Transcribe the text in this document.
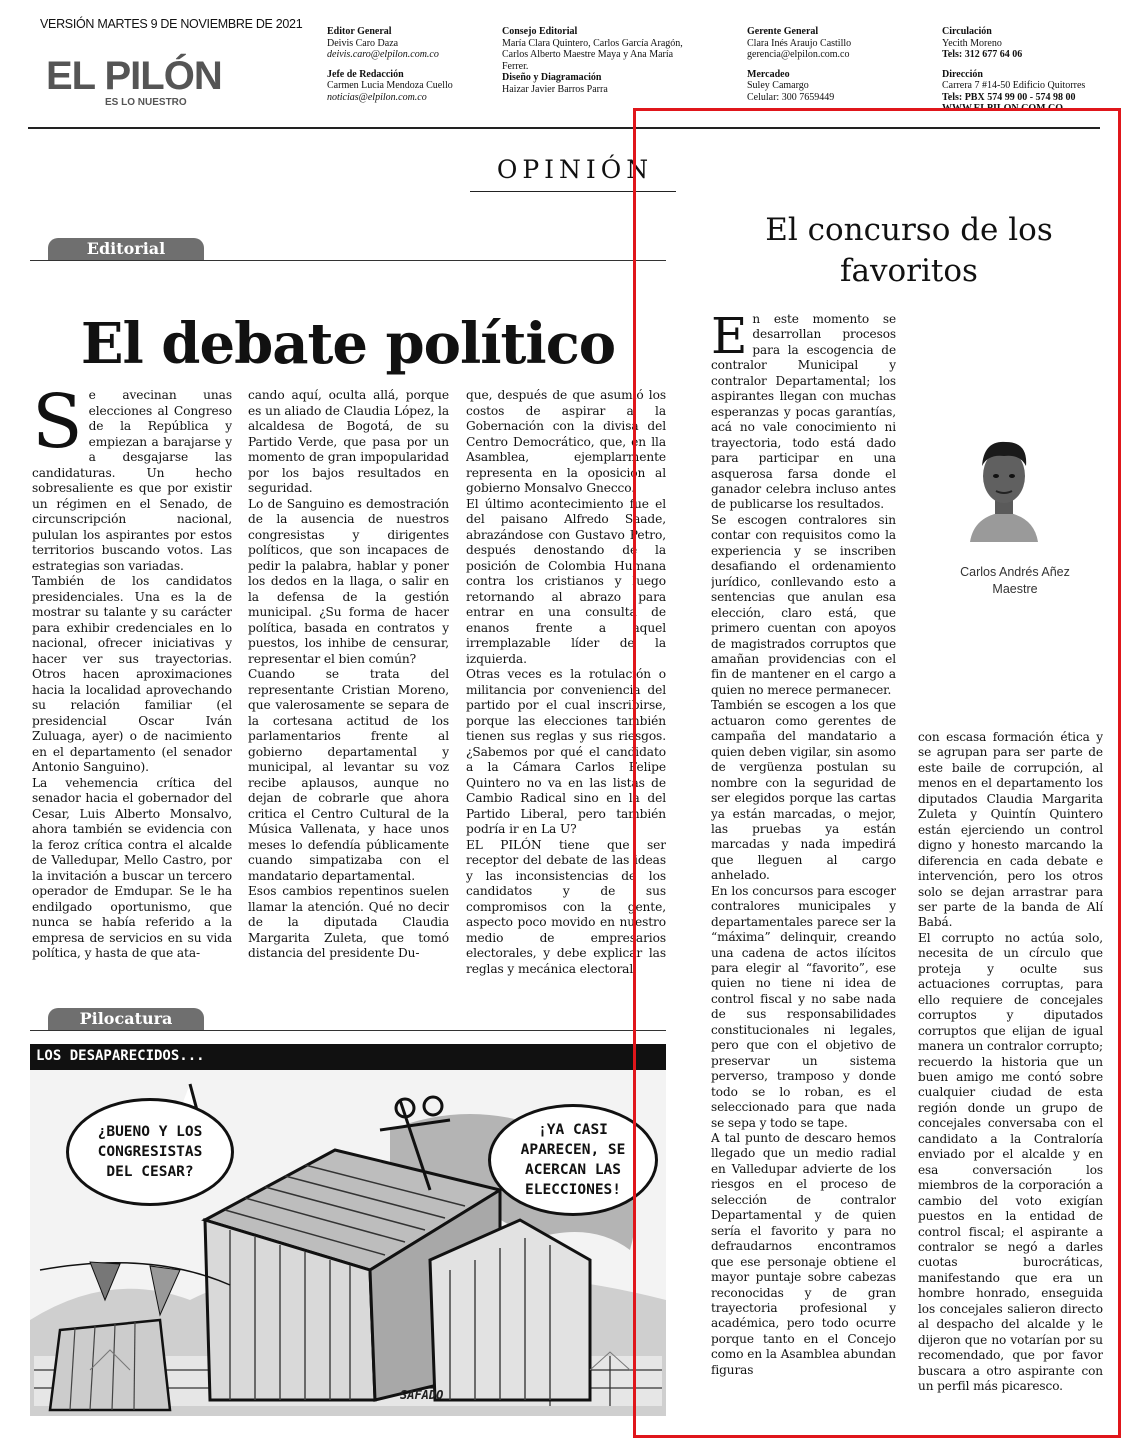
VERSIÓN MARTES 9 DE NOVIEMBRE DE 2021
EL PILÓN
ES LO NUESTRO
Editor General
Deivis Caro Daza
deivis.caro@elpilon.com.co

Jefe de Redacción
Carmen Lucia Mendoza Cuello
noticias@elpilon.com.co
Consejo Editorial
María Clara Quintero, Carlos García Aragón,
Carlos Alberto Maestre Maya y Ana María
Ferrer.
Diseño y Diagramación
Haizar Javier Barros Parra
Gerente General
Clara Inés Araujo Castillo
gerencia@elpilon.com.co

Mercadeo
Suley Camargo
Celular: 300 7659449
Circulación
Yecith Moreno
Tels: 312 677 64 06

Dirección
Carrera 7 #14-50 Edificio Quitorres
Tels: PBX 574 99 00 - 574 98 00
WWW.ELPILON.COM.CO
OPINIÓN
Editorial
El debate político
S e avecinan unas elecciones al Congreso de la República y empiezan a barajarse y a desgajarse las candidaturas. Un hecho sobresaliente es que por existir un régimen en el Senado, de circunscripción nacional, pululan los aspirantes por estos territorios buscando votos. Las estrategias son variadas.

También de los candidatos presidenciales. Una es la de mostrar su talante y su carácter para exhibir credenciales en lo nacional, ofrecer iniciativas y hacer ver sus trayectorias. Otros hacen aproximaciones hacia la localidad aprovechando su relación familiar (el presidencial Oscar Iván Zuluaga, ayer) o de nacimiento en el departamento (el senador Antonio Sanguino).

La vehemencia crítica del senador hacia el gobernador del Cesar, Luis Alberto Monsalvo, ahora también se evidencia con la feroz crítica contra el alcalde de Valledupar, Mello Castro, por la invitación a buscar un tercero operador de Emdupar. Se le ha endilgado oportunismo, que nunca se había referido a la empresa de servicios en su vida política, y hasta de que ata-

cando aquí, oculta allá, porque es un aliado de Claudia López, la alcaldesa de Bogotá, de su Partido Verde, que pasa por un momento de gran impopularidad por los bajos resultados en seguridad.

Lo de Sanguino es demostración de la ausencia de nuestros congresistas y dirigentes políticos, que son incapaces de pedir la palabra, hablar y poner los dedos en la llaga, o salir en la defensa de la gestión municipal. ¿Su forma de hacer política, basada en contratos y puestos, los inhibe de censurar, representar el bien común?

Cuando se trata del representante Cristian Moreno, que valerosamente se separa de la cortesana actitud de los parlamentarios frente al gobierno departamental y municipal, al levantar su voz recibe aplausos, aunque no dejan de cobrarle que ahora critica el Centro Cultural de la Música Vallenata, y hace unos meses lo defendía públicamente cuando simpatizaba con el mandatario departamental.

Esos cambios repentinos suelen llamar la atención. Qué no decir de la diputada Claudia Margarita Zuleta, que tomó distancia del presidente Du-

que, después de que asumió los costos de aspirar a la Gobernación con la divisa del Centro Democrático, que, en lla Asamblea, ejemplarmente representa en la oposición al gobierno Monsalvo Gnecco.

El último acontecimiento fue el del paisano Alfredo Saade, abrazándose con Gustavo Petro, después denostando de la posición de Colombia Humana contra los cristianos y luego retornando al abrazo para entrar en una consulta de enanos frente a aquel irremplazable líder de la izquierda.

Otras veces es la rotulación o militancia por conveniencia del partido por el cual inscribirse, porque las elecciones también tienen sus reglas y sus riesgos. ¿Sabemos por qué el candidato a la Cámara Carlos Felipe Quintero no va en las listas de Cambio Radical sino en la del Partido Liberal, pero también podría ir en La U?

EL PILÓN tiene que ser receptor del debate de las ideas y las inconsistencias de los candidatos y de sus compromisos con la gente, aspecto poco movido en nuestro medio de empresarios electorales, y debe explicar las reglas y mecánica electoral.

Pilocatura
LOS DESAPARECIDOS...
¿BUENO Y LOS CONGRESISTAS DEL CESAR?
¡YA CASI APARECEN, SE ACERCAN LAS ELECCIONES!
SAFADO
El concurso de los
favoritos
Carlos Andrés Añez
Maestre
E n este momento se desarrollan procesos para la escogencia de contralor Municipal y contralor Departamental; los aspirantes llegan con muchas esperanzas y pocas garantías, acá no vale conocimiento ni trayectoria, todo está dado para participar en una asquerosa farsa donde el ganador celebra incluso antes de publicarse los resultados.

Se escogen contralores sin contar con requisitos como la experiencia y se inscriben desafiando el ordenamiento jurídico, conllevando esto a sentencias que anulan esa elección, claro está, que primero cuentan con apoyos de magistrados corruptos que amañan providencias con el fin de mantener en el cargo a quien no merece permanecer.

También se escogen a los que actuaron como gerentes de campaña del mandatario a quien deben vigilar, sin asomo de vergüenza postulan su nombre con la seguridad de ser elegidos porque las cartas ya están marcadas, o mejor, las pruebas ya están marcadas y nada impedirá que lleguen al cargo anhelado.

En los concursos para escoger contralores municipales y departamentales parece ser la “máxima” delinquir, creando una cadena de actos ilícitos para elegir al “favorito”, ese quien no tiene ni idea de control fiscal y no sabe nada de sus responsabilidades constitucionales ni legales, pero que con el objetivo de preservar un sistema perverso, tramposo y donde todo se lo roban, es el seleccionado para que nada se sepa y todo se tape.

A tal punto de descaro hemos llegado que un medio radial en Valledupar advierte de los riesgos en el proceso de selección de contralor Departamental y de quien sería el favorito y para no defraudarnos encontramos que ese personaje obtiene el mayor puntaje sobre cabezas reconocidas y de gran trayectoria profesional y académica, pero todo ocurre porque tanto en el Concejo como en la Asamblea abundan figuras

con escasa formación ética y se agrupan para ser parte de este baile de corrupción, al menos en el departamento los diputados Claudia Margarita Zuleta y Quintín Quintero están ejerciendo un control digno y honesto marcando la diferencia en cada debate e intervención, pero los otros solo se dejan arrastrar para ser parte de la banda de Alí Babá.

El corrupto no actúa solo, necesita de un círculo que proteja y oculte sus actuaciones corruptas, para ello requiere de concejales corruptos y diputados corruptos que elijan de igual manera un contralor corrupto; recuerdo la historia que un buen amigo me contó sobre cualquier ciudad de esta región donde un grupo de concejales conversaba con el candidato a la Contraloría enviado por el alcalde y en esa conversación los miembros de la corporación a cambio del voto exigían puestos en la entidad de control fiscal; el aspirante a contralor se negó a darles cuotas burocráticas, manifestando que era un hombre honrado, enseguida los concejales salieron directo al despacho del alcalde y le dijeron que no votarían por su recomendado, que por favor buscara a otro aspirante con un perfil más picaresco.
